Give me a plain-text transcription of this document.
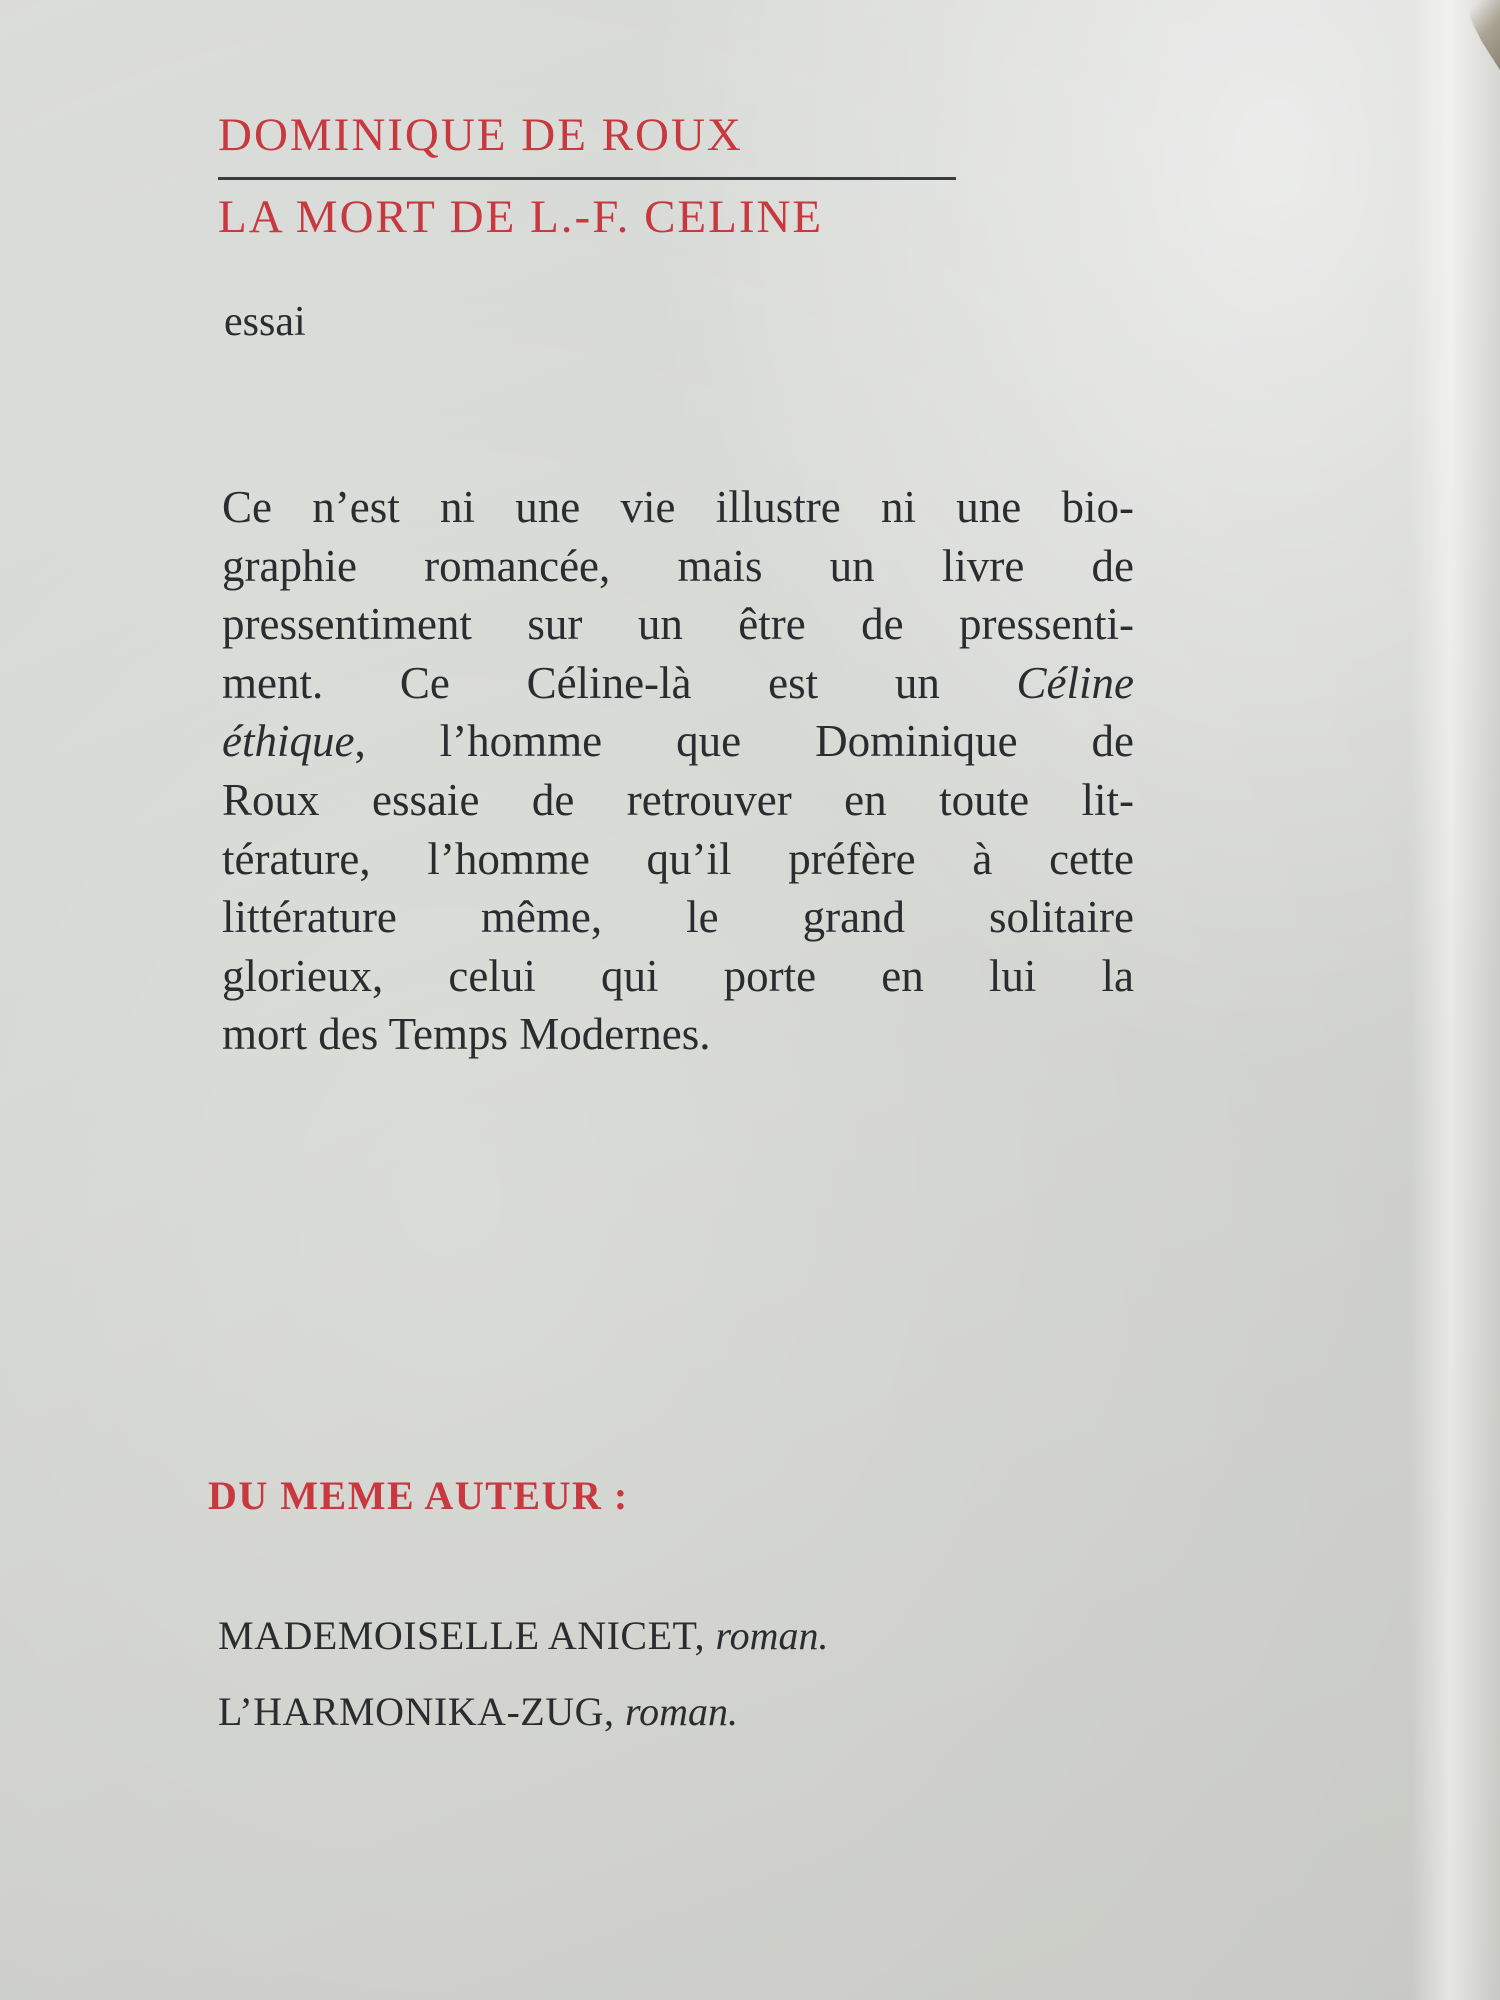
DOMINIQUE DE ROUX
LA MORT DE L.-F. CELINE

essai

Ce n’est ni une vie illustre ni une bio-
graphie romancée, mais un livre de
pressentiment sur un être de pressenti-
ment. Ce Céline-là est un Céline
éthique, l’homme que Dominique de
Roux essaie de retrouver en toute lit-
térature, l’homme qu’il préfère à cette
littérature même, le grand solitaire
glorieux, celui qui porte en lui la
mort des Temps Modernes.

DU MEME AUTEUR :

MADEMOISELLE ANICET, roman.

L’HARMONIKA-ZUG, roman.
